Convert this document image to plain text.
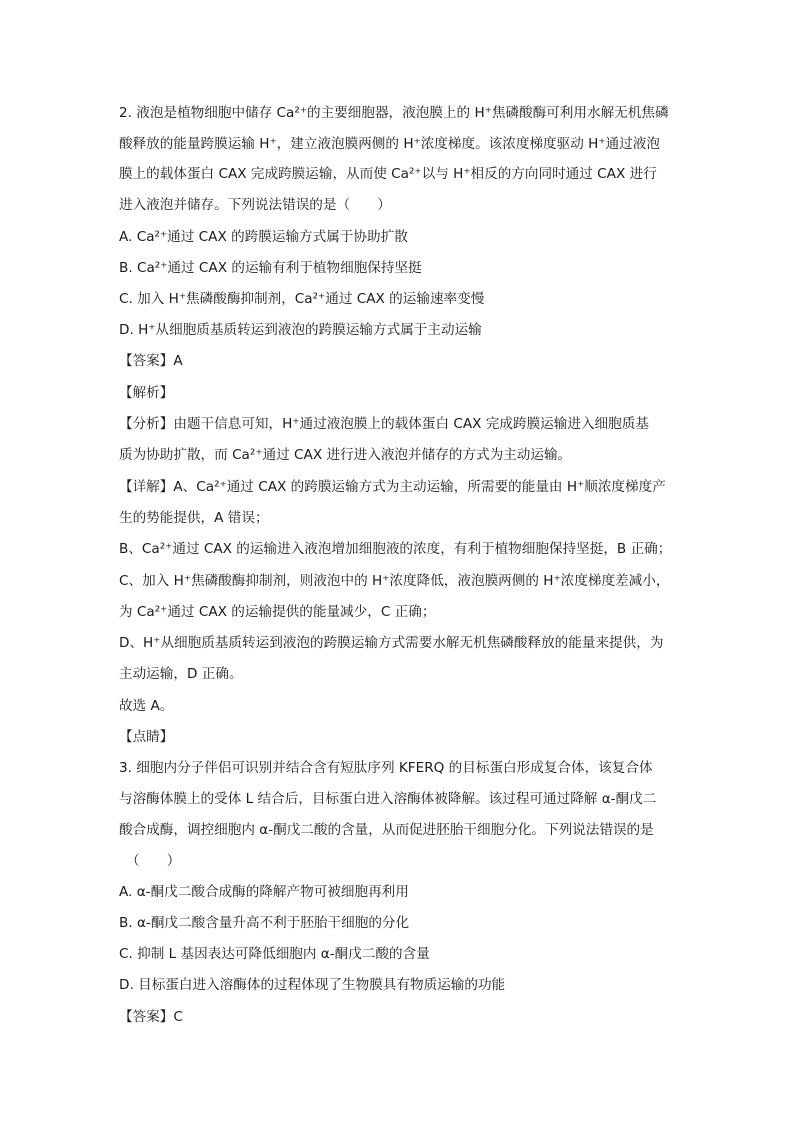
2. 液泡是植物细胞中储存 Ca²⁺的主要细胞器，液泡膜上的 H⁺焦磷酸酶可利用水解无机焦磷
酸释放的能量跨膜运输 H⁺，建立液泡膜两侧的 H⁺浓度梯度。该浓度梯度驱动 H⁺通过液泡
膜上的载体蛋白 CAX 完成跨膜运输，从而使 Ca²⁺以与 H⁺相反的方向同时通过 CAX 进行
进入液泡并储存。下列说法错误的是（　　）
A. Ca²⁺通过 CAX 的跨膜运输方式属于协助扩散
B. Ca²⁺通过 CAX 的运输有利于植物细胞保持坚挺
C. 加入 H⁺焦磷酸酶抑制剂，Ca²⁺通过 CAX 的运输速率变慢
D. H⁺从细胞质基质转运到液泡的跨膜运输方式属于主动运输
【答案】A
【解析】
【分析】由题干信息可知，H⁺通过液泡膜上的载体蛋白 CAX 完成跨膜运输进入细胞质基
质为协助扩散，而 Ca²⁺通过 CAX 进行进入液泡并储存的方式为主动运输。
【详解】A、Ca²⁺通过 CAX 的跨膜运输方式为主动运输，所需要的能量由 H⁺顺浓度梯度产
生的势能提供，A 错误；
B、Ca²⁺通过 CAX 的运输进入液泡增加细胞液的浓度，有利于植物细胞保持坚挺，B 正确；
C、加入 H⁺焦磷酸酶抑制剂，则液泡中的 H⁺浓度降低，液泡膜两侧的 H⁺浓度梯度差减小，
为 Ca²⁺通过 CAX 的运输提供的能量减少，C 正确；
D、H⁺从细胞质基质转运到液泡的跨膜运输方式需要水解无机焦磷酸释放的能量来提供，为
主动运输，D 正确。
故选 A。
【点睛】
3. 细胞内分子伴侣可识别并结合含有短肽序列 KFERQ 的目标蛋白形成复合体，该复合体
与溶酶体膜上的受体 L 结合后，目标蛋白进入溶酶体被降解。该过程可通过降解 α-酮戊二
酸合成酶，调控细胞内 α-酮戊二酸的含量，从而促进胚胎干细胞分化。下列说法错误的是
（　　）
A. α-酮戊二酸合成酶的降解产物可被细胞再利用
B. α-酮戊二酸含量升高不利于胚胎干细胞的分化
C. 抑制 L 基因表达可降低细胞内 α-酮戊二酸的含量
D. 目标蛋白进入溶酶体的过程体现了生物膜具有物质运输的功能
【答案】C
